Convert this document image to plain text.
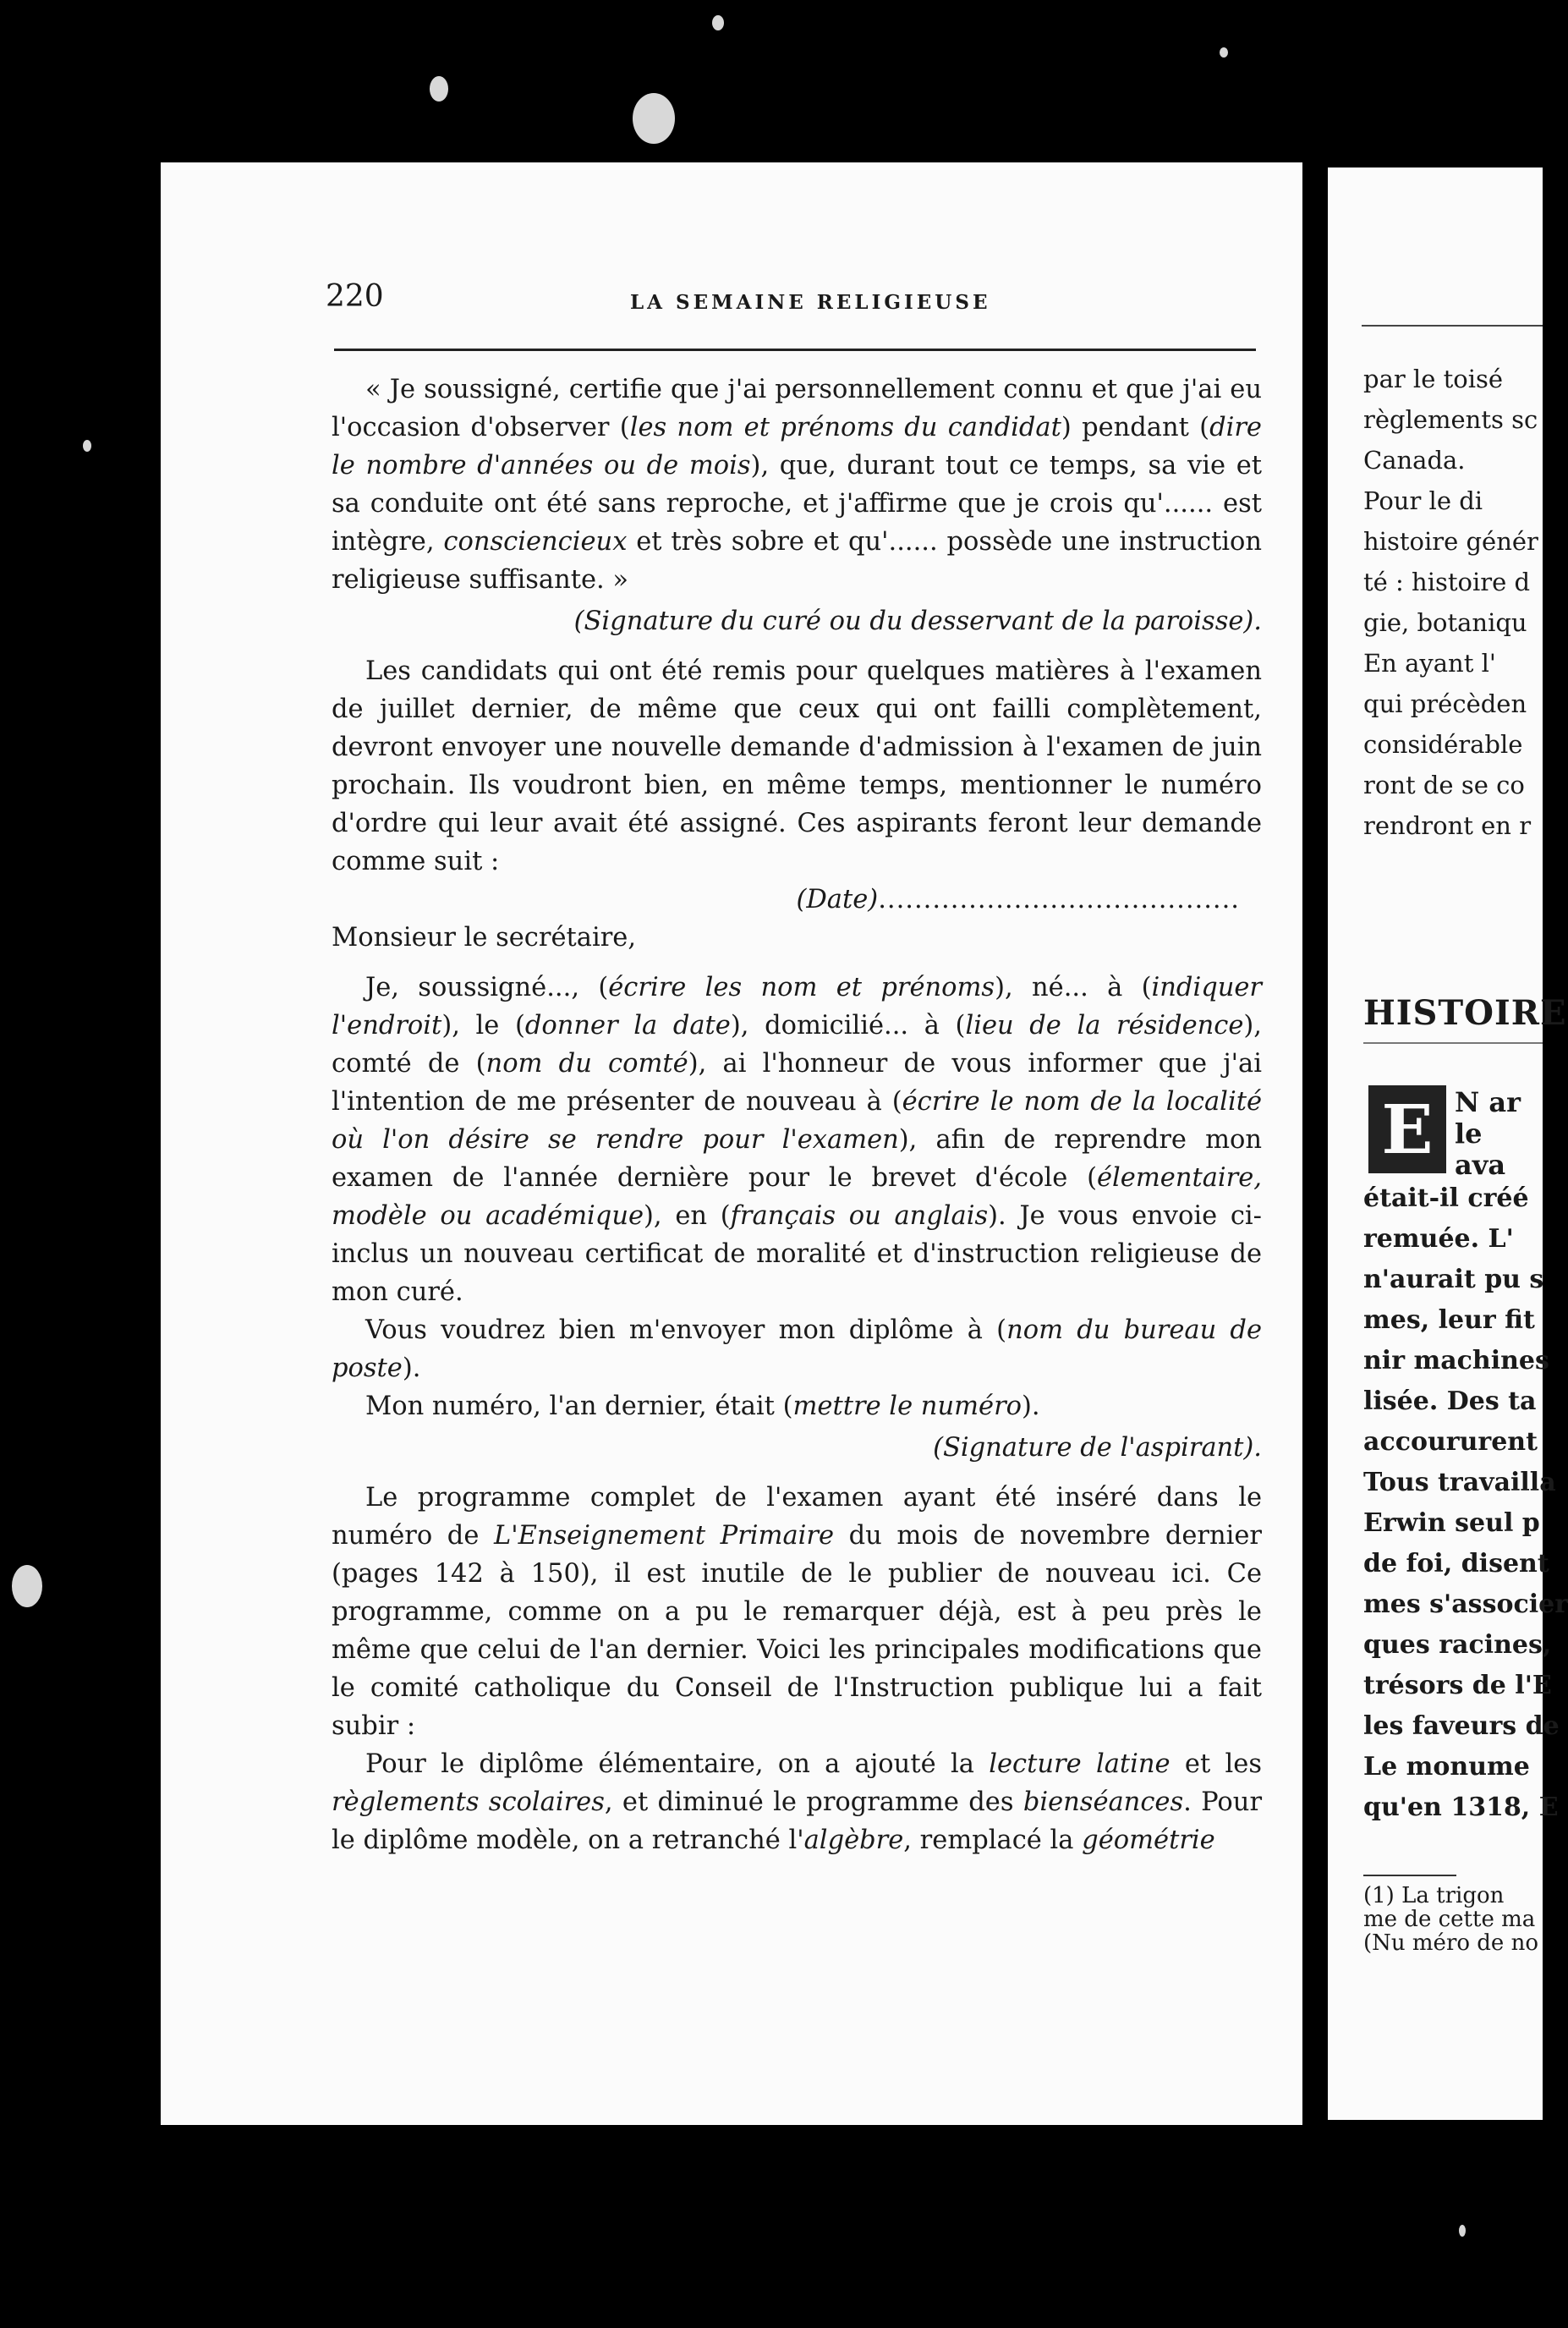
220	LA SEMAINE RELIGIEUSE

« Je soussigné, certifie que j'ai personnellement connu et que j'ai eu l'occasion d'observer (les nom et prénoms du candidat) pendant (dire le nombre d'années ou de mois), que, durant tout ce temps, sa vie et sa conduite ont été sans reproche, et j'affirme que je crois qu'...... est intègre, consciencieux et très sobre et qu'...... possède une instruction religieuse suffisante. »

(Signature du curé ou du desservant de la paroisse).

Les candidats qui ont été remis pour quelques matières à l'examen de juillet dernier, de même que ceux qui ont failli complètement, devront envoyer une nouvelle demande d'admission à l'examen de juin prochain. Ils voudront bien, en même temps, mentionner le numéro d'ordre qui leur avait été assigné. Ces aspirants feront leur demande comme suit :

(Date)........................................

Monsieur le secrétaire,

Je, soussigné..., (écrire les nom et prénoms), né... à (indiquer l'endroit), le (donner la date), domicilié... à (lieu de la résidence), comté de (nom du comté), ai l'honneur de vous informer que j'ai l'intention de me présenter de nouveau à (écrire le nom de la localité où l'on désire se rendre pour l'examen), afin de reprendre mon examen de l'année dernière pour le brevet d'école (élementaire, modèle ou académique), en (français ou anglais). Je vous envoie ci-inclus un nouveau certificat de moralité et d'instruction religieuse de mon curé.

Vous voudrez bien m'envoyer mon diplôme à (nom du bureau de poste).

Mon numéro, l'an dernier, était (mettre le numéro).

(Signature de l'aspirant).

Le programme complet de l'examen ayant été inséré dans le numéro de L'Enseignement Primaire du mois de novembre dernier (pages 142 à 150), il est inutile de le publier de nouveau ici. Ce programme, comme on a pu le remarquer déjà, est à peu près le même que celui de l'an dernier. Voici les principales modifications que le comité catholique du Conseil de l'Instruction publique lui a fait subir :

Pour le diplôme élémentaire, on a ajouté la lecture latine et les règlements scolaires, et diminué le programme des bienséances. Pour le diplôme modèle, on a retranché l'algèbre, remplacé la géométrie

par le toisé
règlements sc
Canada.
Pour le di
histoire génér
té : histoire d
gie, botaniqu
En ayant l'
qui précèden
considérable
ront de se co
rendront en r
HISTOIRE
E N ar
le
ava
était-il créé
remuée. L'
n'aurait pu s
mes, leur fit
nir machines
lisée. Des ta
accoururent
Tous travailla
Erwin seul p
de foi, disent
mes s'associer
ques racines,
trésors de l'E
les faveurs de
Le monume
qu'en 1318, E
(1) La trigon
me de cette ma
(Nu méro de no
